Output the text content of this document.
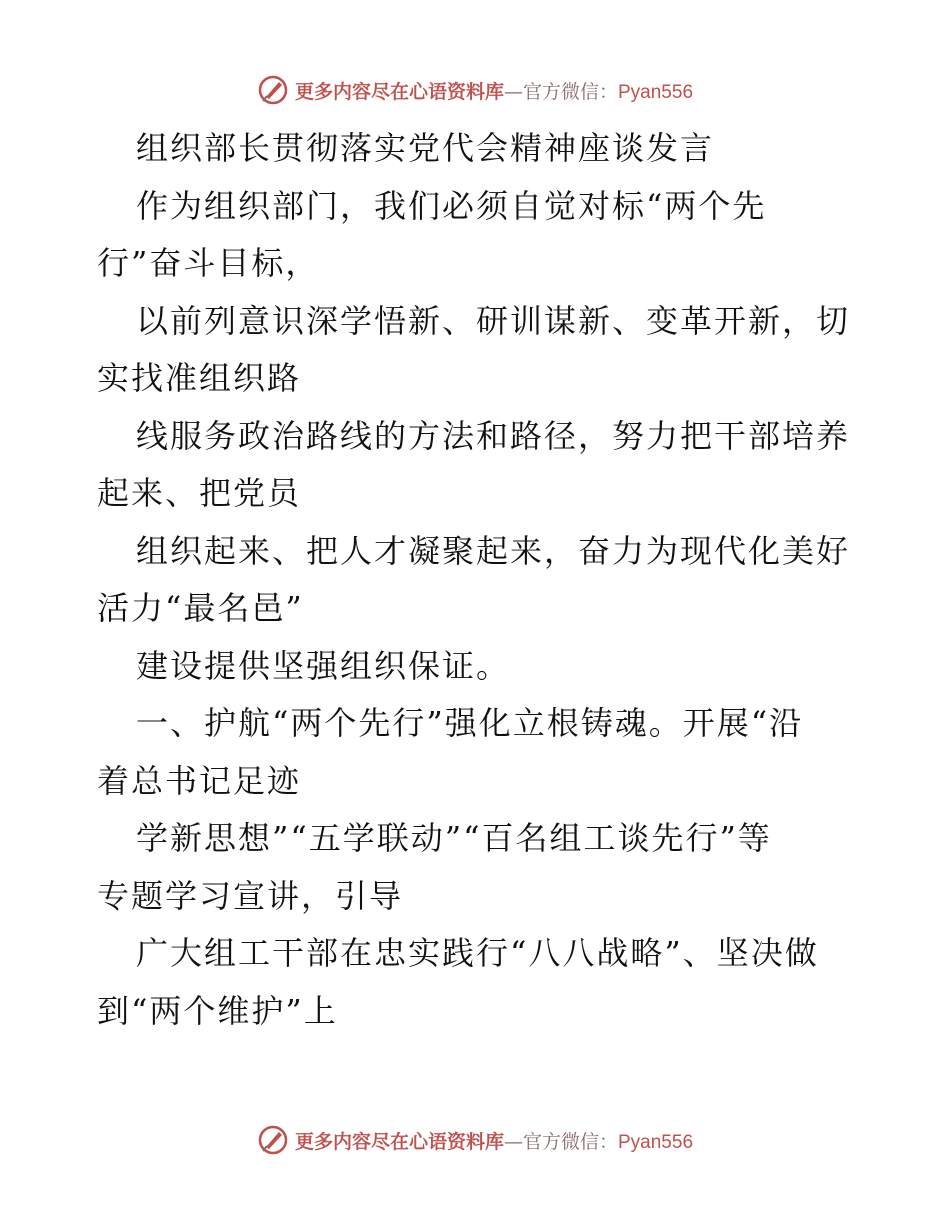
更多内容尽在心语资料库—官方微信：Pyan556
组织部长贯彻落实党代会精神座谈发言
作为组织部门，我们必须自觉对标“两个先
行”奋斗目标，
以前列意识深学悟新、研训谋新、变革开新，切
实找准组织路
线服务政治路线的方法和路径，努力把干部培养
起来、把党员
组织起来、把人才凝聚起来，奋力为现代化美好
活力“最名邑”
建设提供坚强组织保证。
一、护航“两个先行”强化立根铸魂。开展“沿
着总书记足迹
学新思想”“五学联动”“百名组工谈先行”等
专题学习宣讲，引导
广大组工干部在忠实践行“八八战略”、坚决做
到“两个维护”上
更多内容尽在心语资料库—官方微信：Pyan556
